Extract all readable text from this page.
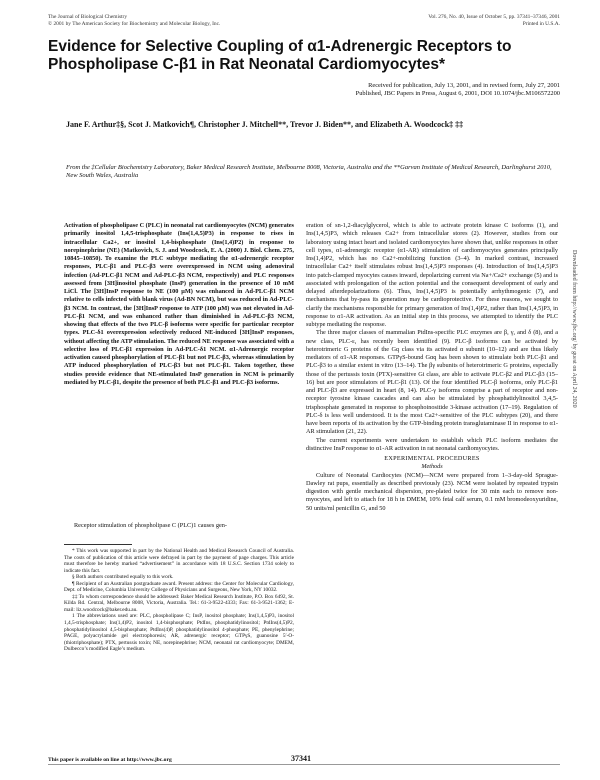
The Journal of Biological Chemistry
© 2001 by The American Society for Biochemistry and Molecular Biology, Inc.
Vol. 276, No. 40, Issue of October 5, pp. 37341–37346, 2001
Printed in U.S.A.
Evidence for Selective Coupling of α1-Adrenergic Receptors to Phospholipase C-β1 in Rat Neonatal Cardiomyocytes*
Received for publication, July 13, 2001, and in revised form, July 27, 2001
Published, JBC Papers in Press, August 6, 2001, DOI 10.1074/jbc.M106572200
Jane F. Arthur‡§, Scot J. Matkovich¶, Christopher J. Mitchell**, Trevor J. Biden**, and Elizabeth A. Woodcock‡ ‡‡
From the ‡Cellular Biochemistry Laboratory, Baker Medical Research Institute, Melbourne 8008, Victoria, Australia and the **Garvan Institute of Medical Research, Darlinghurst 2010, New South Wales, Australia
Activation of phospholipase C (PLC) in neonatal rat cardiomyocytes (NCM) generates primarily inositol 1,4,5-trisphosphate (Ins(1,4,5)P3) in response to rises in intracellular Ca2+, or inositol 1,4-bisphosphate (Ins(1,4)P2) in response to norepinephrine (NE) (Matkovich, S. J. and Woodcock, E. A. (2000) J. Biol. Chem. 275, 10845–10850). To examine the PLC subtype mediating the α1-adrenergic receptor responses, PLC-β1 and PLC-β3 were overexpressed in NCM using adenoviral infection (Ad-PLC-β1 NCM and Ad-PLC-β3 NCM, respectively) and PLC responses assessed from [3H]inositol phosphate (InsP) generation in the presence of 10 mM LiCl. The [3H]InsP response to NE (100 μM) was enhanced in Ad-PLC-β1 NCM relative to cells infected with blank virus (Ad-BN NCM), but was reduced in Ad-PLC-β3 NCM. In contrast, the [3H]InsP response to ATP (100 μM) was not elevated in Ad-PLC-β1 NCM, and was enhanced rather than diminished in Ad-PLC-β3 NCM, showing that effects of the two PLC-β isoforms were specific for particular receptor types. PLC-δ1 overexpression selectively reduced NE-induced [3H]InsP responses, without affecting the ATP stimulation. The reduced NE response was associated with a selective loss of PLC-β1 expression in Ad-PLC-δ1 NCM. α1-Adrenergic receptor activation caused phosphorylation of PLC-β1 but not PLC-β3, whereas stimulation by ATP induced phosphorylation of PLC-β3 but not PLC-β1. Taken together, these studies provide evidence that NE-stimulated InsP generation in NCM is primarily mediated by PLC-β1, despite the presence of both PLC-β1 and PLC-β3 isoforms.
Receptor stimulation of phospholipase C (PLC)1 causes gen-

* This work was supported in part by the National Health and Medical Research Council of Australia. The costs of publication of this article were defrayed in part by the payment of page charges. This article must therefore be hereby marked “advertisement” in accordance with 18 U.S.C. Section 1734 solely to indicate this fact.

§ Both authors contributed equally to this work.

¶ Recipient of an Australian postgraduate award. Present address: the Center for Molecular Cardiology, Dept. of Medicine, Columbia University College of Physicians and Surgeons, New York, NY 10032.

‡‡ To whom correspondence should be addressed: Baker Medical Research Institute, P.O. Box 6492, St. Kilda Rd. Central, Melbourne 8008, Victoria, Australia. Tel.: 61-3-9522-4333; Fax: 61-3-9521-1362; E-mail: liz.woodcock@baker.edu.au.

1 The abbreviations used are: PLC, phospholipase C; InsP, inositol phosphate; Ins(1,4,5)P3, inositol 1,4,5-trisphosphate; Ins(1,4)P2, inositol 1,4-bisphosphate; PtdIns, phosphatidylinositol; PtdIns(4,5)P2, phosphatidylinositol 4,5-bisphosphate; PtdIns(4)P, phosphatidylinositol 4-phosphate; PE, phenylephrine; PAGE, polyacrylamide gel electrophoresis; AR, adrenergic receptor; GTPγS, guanosine 5′-O-(thiotriphosphate); PTX, pertussis toxin; NE, norepinephrine; NCM, neonatal rat cardiomyocyte; DMEM, Dulbecco’s modified Eagle’s medium.

eration of sn-1,2-diacylglycerol, which is able to activate protein kinase C isoforms (1), and Ins(1,4,5)P3, which releases Ca2+ from intracellular stores (2). However, studies from our laboratory using intact heart and isolated cardiomyocytes have shown that, unlike responses in other cell types, α1-adrenergic receptor (α1-AR) stimulation of cardiomyocytes generates principally Ins(1,4)P2, which has no Ca2+-mobilizing function (3–4). In marked contrast, increased intracellular Ca2+ itself stimulates robust Ins(1,4,5)P3 responses (4). Introduction of Ins(1,4,5)P3 into patch-clamped myocytes causes inward, depolarizing current via Na+/Ca2+ exchange (5) and is associated with prolongation of the action potential and the consequent development of early and delayed afterdepolarizations (6). Thus, Ins(1,4,5)P3 is potentially arrhythmogenic (7), and mechanisms that by-pass its generation may be cardioprotective. For these reasons, we sought to clarify the mechanisms responsible for primary generation of Ins(1,4)P2, rather than Ins(1,4,5)P3, in response to α1-AR activation. As an initial step in this process, we attempted to identify the PLC subtype mediating the response.

The three major classes of mammalian PtdIns-specific PLC enzymes are β, γ, and δ (8), and a new class, PLC-ε, has recently been identified (9). PLC-β isoforms can be activated by heterotrimeric G proteins of the Gq class via its activated α subunit (10–12) and are thus likely mediators of α1-AR responses. GTPγS-bound Gαq has been shown to stimulate both PLC-β1 and PLC-β3 to a similar extent in vitro (13–14). The βγ subunits of heterotrimeric G proteins, especially those of the pertussis toxin (PTX)-sensitive Gi class, are able to activate PLC-β2 and PLC-β3 (15–16) but are poor stimulators of PLC-β1 (13). Of the four identified PLC-β isoforms, only PLC-β1 and PLC-β3 are expressed in heart (8, 14). PLC-γ isoforms comprise a part of receptor and non-receptor tyrosine kinase cascades and can also be stimulated by phosphatidylinositol 3,4,5-trisphosphate generated in response to phosphoinositide 3-kinase activation (17–19). Regulation of PLC-δ is less well understood. It is the most Ca2+-sensitive of the PLC subtypes (20), and there have been reports of its activation by the GTP-binding protein transglutaminase II in response to α1-AR stimulation (21, 22).

The current experiments were undertaken to establish which PLC isoform mediates the distinctive InsP response to α1-AR activation in rat neonatal cardiomyocytes.

EXPERIMENTAL PROCEDURES
Methods

Culture of Neonatal Cardiocytes (NCM)—NCM were prepared from 1–3-day-old Sprague-Dawley rat pups, essentially as described previously (23). NCM were isolated by repeated trypsin digestion with gentle mechanical dispersion, pre-plated twice for 30 min each to remove non-myocytes, and left to attach for 18 h in DMEM, 10% fetal calf serum, 0.1 mM bromodeoxyuridine, 50 units/ml penicillin G, and 50

Downloaded from http://www.jbc.org/ by guest on April 24, 2020
This paper is available on line at http://www.jbc.org	37341
